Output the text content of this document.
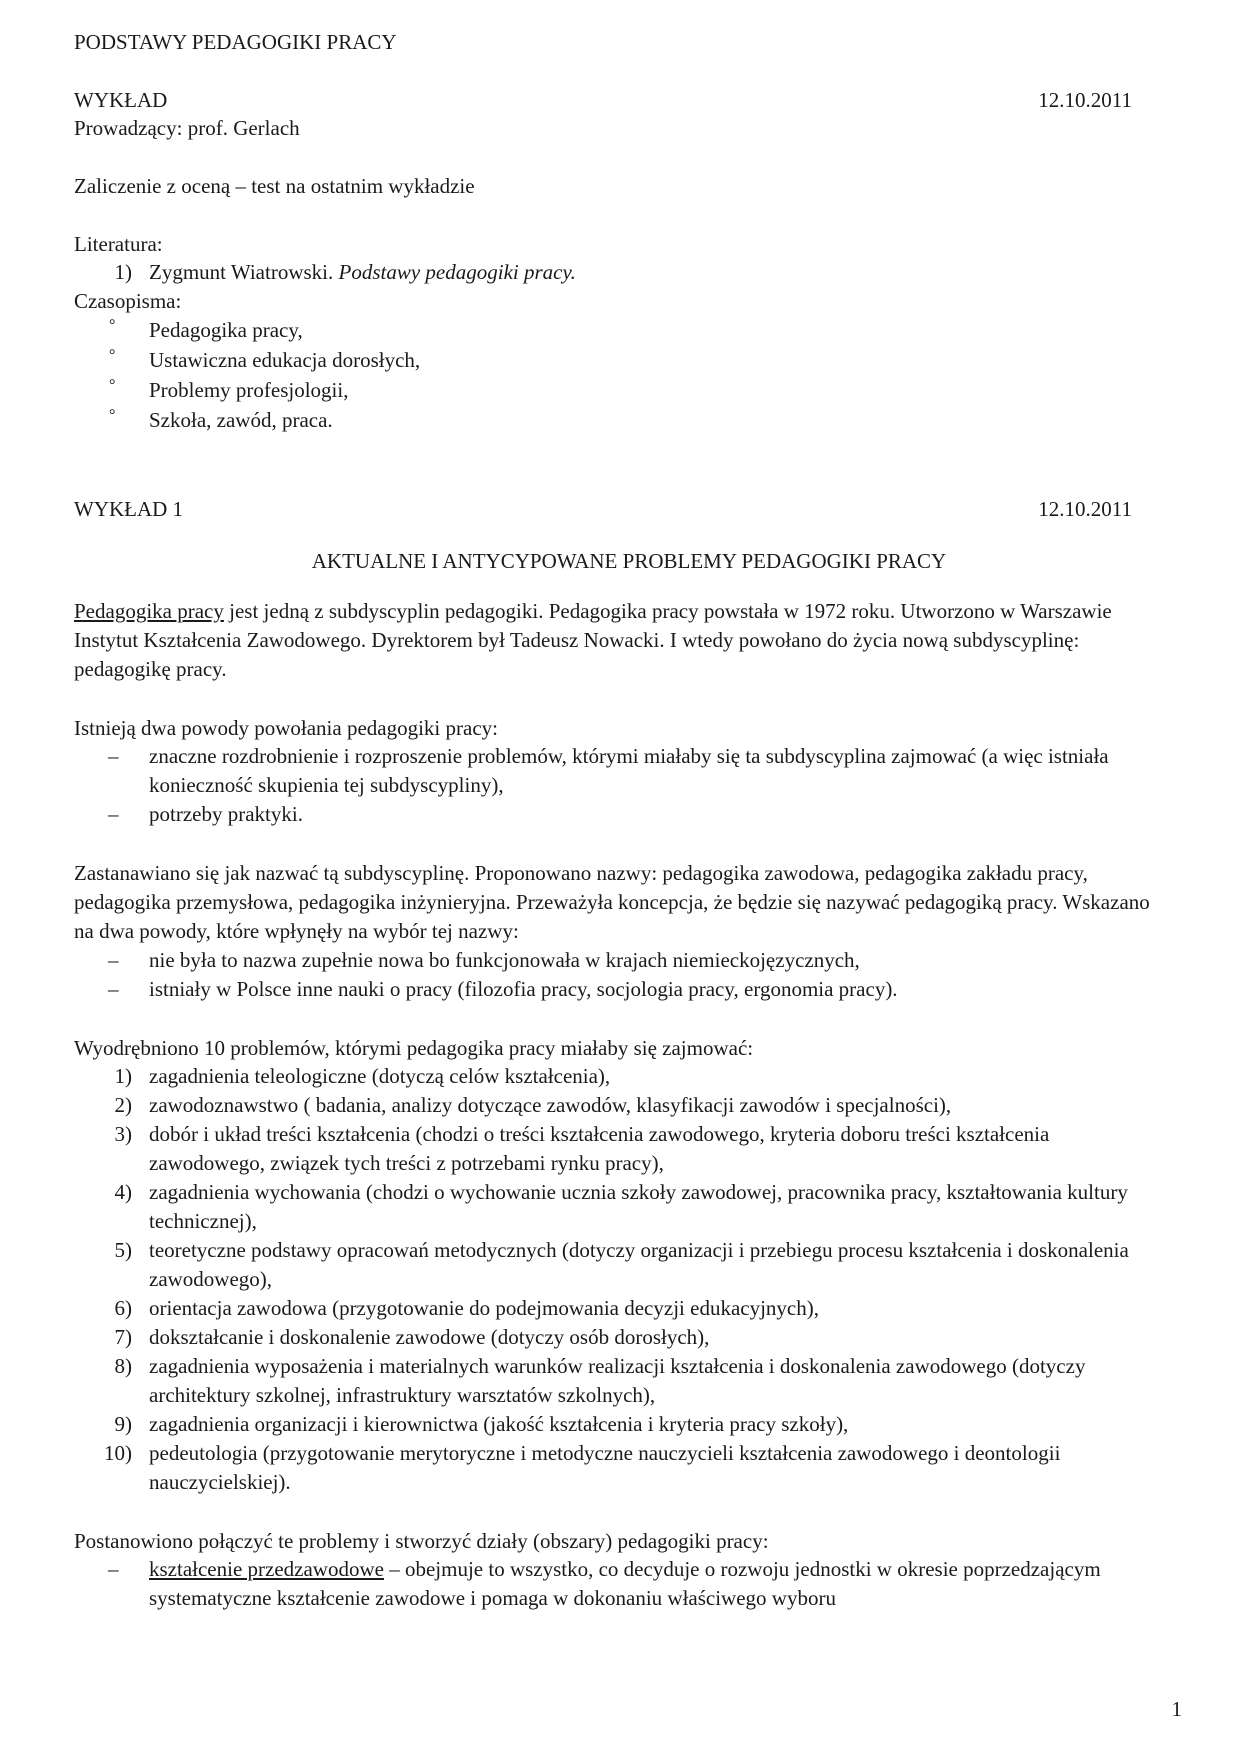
PODSTAWY PEDAGOGIKI PRACY
WYKŁAD	12.10.2011
Prowadzący: prof. Gerlach
Zaliczenie z oceną – test na ostatnim wykładzie
Literatura:
1) Zygmunt Wiatrowski. Podstawy pedagogiki pracy.
Czasopisma:
° Pedagogika pracy,
° Ustawiczna edukacja dorosłych,
° Problemy profesjologii,
° Szkoła, zawód, praca.
WYKŁAD 1	12.10.2011
AKTUALNE I ANTYCYPOWANE PROBLEMY PEDAGOGIKI PRACY
Pedagogika pracy jest jedną z subdyscyplin pedagogiki. Pedagogika pracy powstała w 1972 roku. Utworzono w Warszawie Instytut Kształcenia Zawodowego. Dyrektorem był Tadeusz Nowacki. I wtedy powołano do życia nową subdyscyplinę: pedagogikę pracy.
Istnieją dwa powody powołania pedagogiki pracy:
– znaczne rozdrobnienie i rozproszenie problemów, którymi miałaby się ta subdyscyplina zajmować (a więc istniała konieczność skupienia tej subdyscypliny),
– potrzeby praktyki.
Zastanawiano się jak nazwać tą subdyscyplinę. Proponowano nazwy: pedagogika zawodowa, pedagogika zakładu pracy, pedagogika przemysłowa, pedagogika inżynieryjna. Przeważyła koncepcja, że będzie się nazywać pedagogiką pracy. Wskazano na dwa powody, które wpłynęły na wybór tej nazwy:
– nie była to nazwa zupełnie nowa bo funkcjonowała w krajach niemieckojęzycznych,
– istniały w Polsce inne nauki o pracy (filozofia pracy, socjologia pracy, ergonomia pracy).
Wyodrębniono 10 problemów, którymi pedagogika pracy miałaby się zajmować:
1) zagadnienia teleologiczne (dotyczą celów kształcenia),
2) zawodoznawstwo ( badania, analizy dotyczące zawodów, klasyfikacji zawodów i specjalności),
3) dobór i układ treści kształcenia (chodzi o treści kształcenia zawodowego, kryteria doboru treści kształcenia zawodowego, związek tych treści z potrzebami rynku pracy),
4) zagadnienia wychowania (chodzi o wychowanie ucznia szkoły zawodowej, pracownika pracy, kształtowania kultury technicznej),
5) teoretyczne podstawy opracowań metodycznych (dotyczy organizacji i przebiegu procesu kształcenia i doskonalenia zawodowego),
6) orientacja zawodowa (przygotowanie do podejmowania decyzji edukacyjnych),
7) dokształcanie i doskonalenie zawodowe (dotyczy osób dorosłych),
8) zagadnienia wyposażenia i materialnych warunków realizacji kształcenia i doskonalenia zawodowego (dotyczy architektury szkolnej, infrastruktury warsztatów szkolnych),
9) zagadnienia organizacji i kierownictwa (jakość kształcenia i kryteria pracy szkoły),
10) pedeutologia (przygotowanie merytoryczne i metodyczne nauczycieli kształcenia zawodowego i deontologii nauczycielskiej).
Postanowiono połączyć te problemy i stworzyć działy (obszary) pedagogiki pracy:
– kształcenie przedzawodowe – obejmuje to wszystko, co decyduje o rozwoju jednostki w okresie poprzedzającym systematyczne kształcenie zawodowe i pomaga w dokonaniu właściwego wyboru
1
